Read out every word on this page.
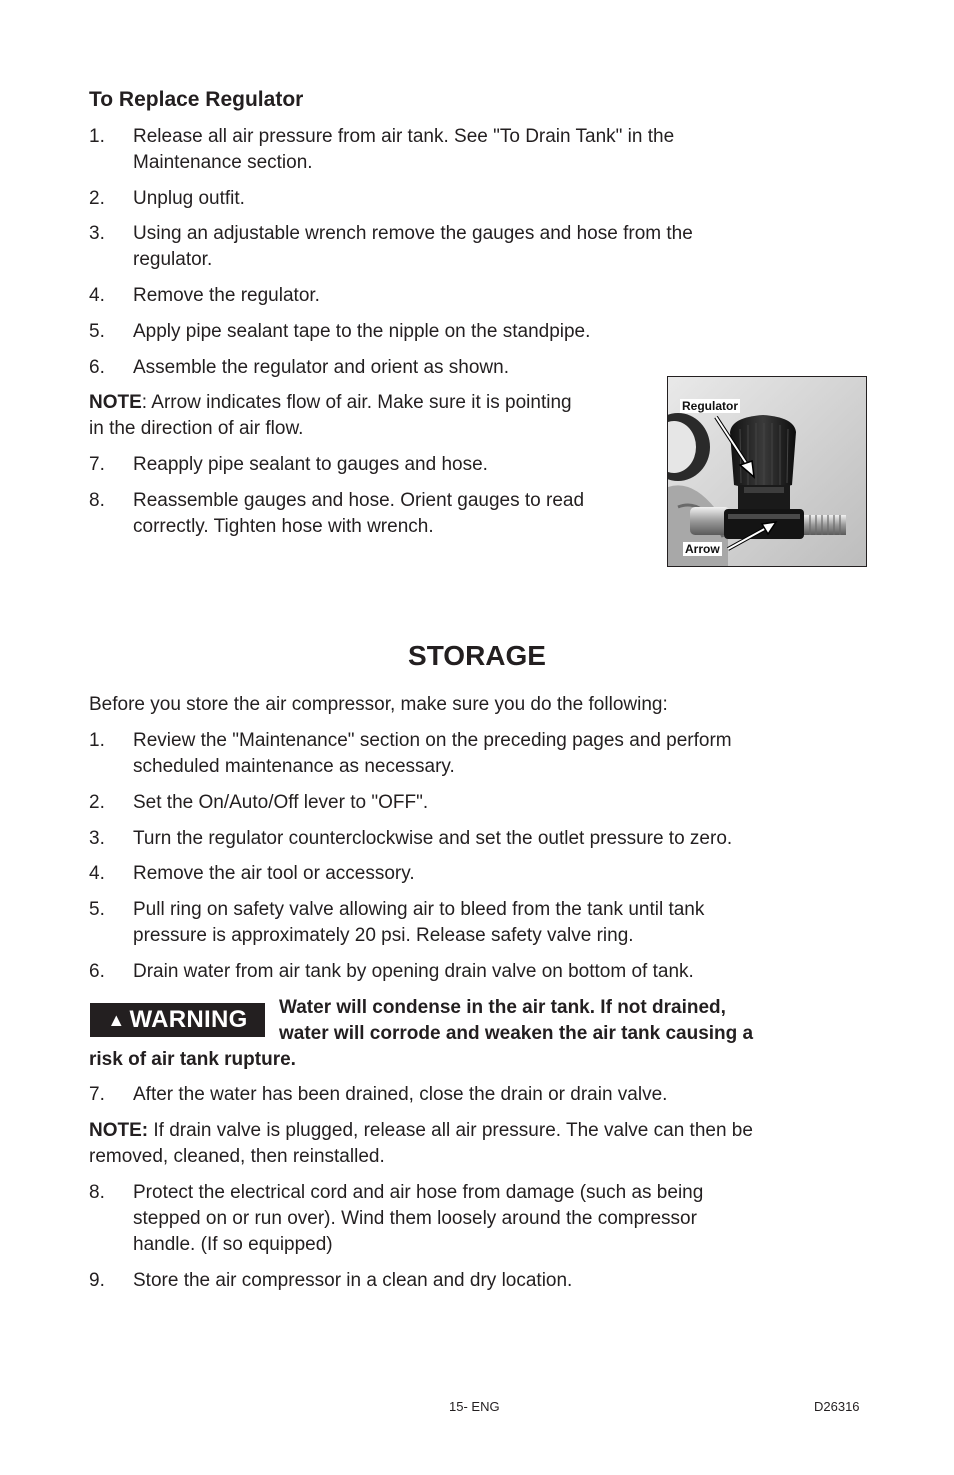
To Replace Regulator
1.	Release all air pressure from air tank. See "To Drain Tank" in the
Maintenance section.
2.	Unplug outfit.
3.	Using an adjustable wrench remove the gauges and hose from the
regulator.
4.	Remove the regulator.
5.	Apply pipe sealant tape to the nipple on the standpipe.
6.	Assemble the regulator and orient as shown.
NOTE: Arrow indicates flow of air. Make sure it is pointing
in the direction of air flow.
7.	Reapply pipe sealant to gauges and hose.
8.	Reassemble gauges and hose. Orient gauges to read
correctly. Tighten hose with wrench.
Regulator
Arrow
STORAGE
Before you store the air compressor, make sure you do the following:
1.	Review the "Maintenance" section on the preceding pages and perform
scheduled maintenance as necessary.
2.	Set the On/Auto/Off lever to "OFF".
3.	Turn the regulator counterclockwise and set the outlet pressure to zero.
4.	Remove the air tool or accessory.
5.	Pull ring on safety valve allowing air to bleed from the tank until tank
pressure is approximately 20 psi. Release safety valve ring.
6.	Drain water from air tank by opening drain valve on bottom of tank.
▲ WARNING Water will condense in the air tank. If not drained,
water will corrode and weaken the air tank causing a
risk of air tank rupture.
7.	After the water has been drained, close the drain or drain valve.
NOTE: If drain valve is plugged, release all air pressure. The valve can then be
removed, cleaned, then reinstalled.
8.	Protect the electrical cord and air hose from damage (such as being
stepped on or run over). Wind them loosely around the compressor
handle. (If so equipped)
9.	Store the air compressor in a clean and dry location.
15- ENG	D26316
